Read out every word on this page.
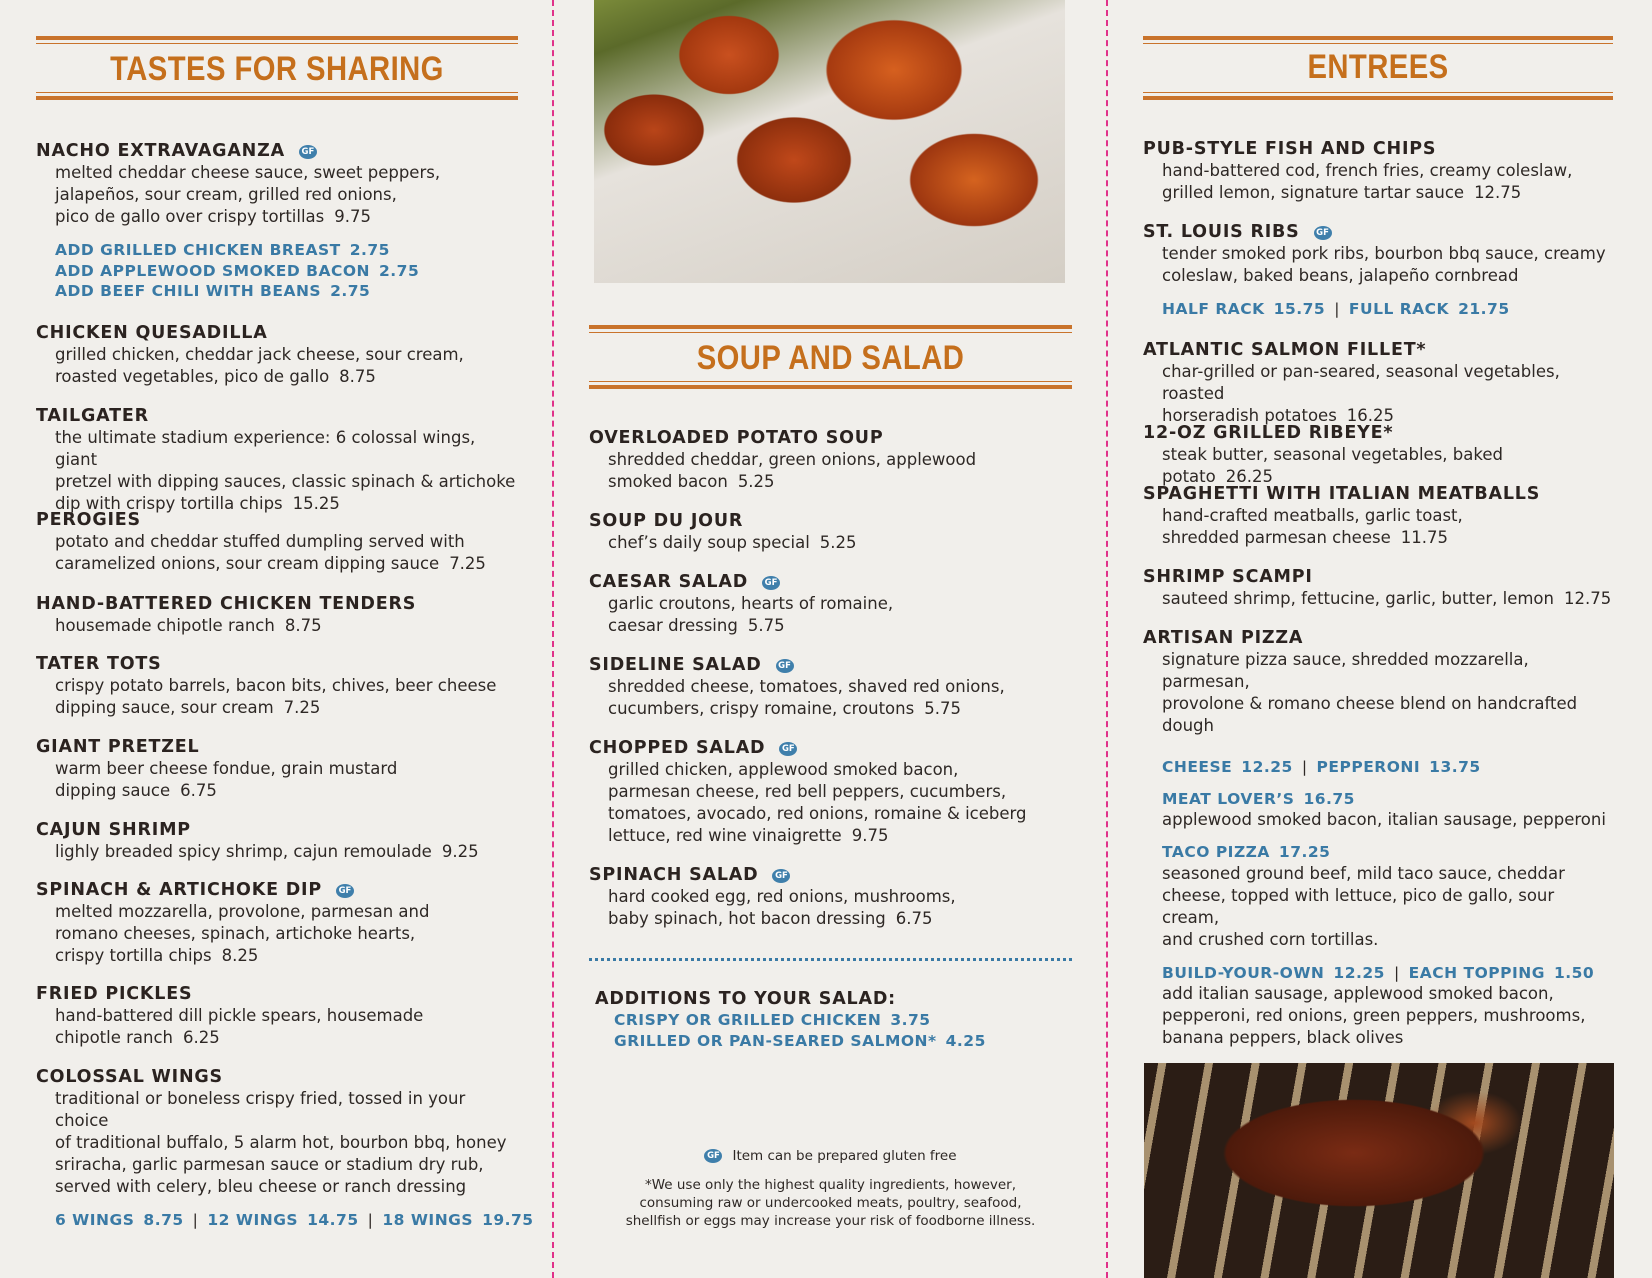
TASTES FOR SHARING
NACHO EXTRAVAGANZA GF
melted cheddar cheese sauce, sweet peppers,
jalapeños, sour cream, grilled red onions,
pico de gallo over crispy tortillas 9.75
ADD GRILLED CHICKEN BREAST 2.75
ADD APPLEWOOD SMOKED BACON 2.75
ADD BEEF CHILI WITH BEANS 2.75
CHICKEN QUESADILLA
grilled chicken, cheddar jack cheese, sour cream,
roasted vegetables, pico de gallo 8.75
TAILGATER
the ultimate stadium experience: 6 colossal wings, giant
pretzel with dipping sauces, classic spinach & artichoke
dip with crispy tortilla chips 15.25
PEROGIES
potato and cheddar stuffed dumpling served with
caramelized onions, sour cream dipping sauce 7.25
HAND-BATTERED CHICKEN TENDERS
housemade chipotle ranch 8.75
TATER TOTS
crispy potato barrels, bacon bits, chives, beer cheese
dipping sauce, sour cream 7.25
GIANT PRETZEL
warm beer cheese fondue, grain mustard
dipping sauce 6.75
CAJUN SHRIMP
lighly breaded spicy shrimp, cajun remoulade 9.25
SPINACH & ARTICHOKE DIP GF
melted mozzarella, provolone, parmesan and
romano cheeses, spinach, artichoke hearts,
crispy tortilla chips 8.25
FRIED PICKLES
hand-battered dill pickle spears, housemade
chipotle ranch 6.25
COLOSSAL WINGS
traditional or boneless crispy fried, tossed in your choice
of traditional buffalo, 5 alarm hot, bourbon bbq, honey
sriracha, garlic parmesan sauce or stadium dry rub,
served with celery, bleu cheese or ranch dressing
6 WINGS 8.75 | 12 WINGS 14.75 | 18 WINGS 19.75
SOUP AND SALAD
OVERLOADED POTATO SOUP
shredded cheddar, green onions, applewood
smoked bacon 5.25
SOUP DU JOUR
chef’s daily soup special 5.25
CAESAR SALAD GF
garlic croutons, hearts of romaine,
caesar dressing 5.75
SIDELINE SALAD GF
shredded cheese, tomatoes, shaved red onions,
cucumbers, crispy romaine, croutons 5.75
CHOPPED SALAD GF
grilled chicken, applewood smoked bacon,
parmesan cheese, red bell peppers, cucumbers,
tomatoes, avocado, red onions, romaine & iceberg
lettuce, red wine vinaigrette 9.75
SPINACH SALAD GF
hard cooked egg, red onions, mushrooms,
baby spinach, hot bacon dressing 6.75
ADDITIONS TO YOUR SALAD:
CRISPY OR GRILLED CHICKEN 3.75
GRILLED OR PAN-SEARED SALMON* 4.25
GF Item can be prepared gluten free
*We use only the highest quality ingredients, however,
consuming raw or undercooked meats, poultry, seafood,
shellfish or eggs may increase your risk of foodborne illness.
ENTREES
PUB-STYLE FISH AND CHIPS
hand-battered cod, french fries, creamy coleslaw,
grilled lemon, signature tartar sauce 12.75
ST. LOUIS RIBS GF
tender smoked pork ribs, bourbon bbq sauce, creamy
coleslaw, baked beans, jalapeño cornbread
HALF RACK 15.75 | FULL RACK 21.75
ATLANTIC SALMON FILLET*
char-grilled or pan-seared, seasonal vegetables, roasted
horseradish potatoes 16.25
12-OZ GRILLED RIBEYE*
steak butter, seasonal vegetables, baked potato 26.25
SPAGHETTI WITH ITALIAN MEATBALLS
hand-crafted meatballs, garlic toast,
shredded parmesan cheese 11.75
SHRIMP SCAMPI
sauteed shrimp, fettucine, garlic, butter, lemon 12.75
ARTISAN PIZZA
signature pizza sauce, shredded mozzarella, parmesan,
provolone & romano cheese blend on handcrafted
dough
CHEESE 12.25 | PEPPERONI 13.75
MEAT LOVER’S 16.75
applewood smoked bacon, italian sausage, pepperoni
TACO PIZZA 17.25
seasoned ground beef, mild taco sauce, cheddar
cheese, topped with lettuce, pico de gallo, sour cream,
and crushed corn tortillas.
BUILD-YOUR-OWN 12.25 | EACH TOPPING 1.50
add italian sausage, applewood smoked bacon,
pepperoni, red onions, green peppers, mushrooms,
banana peppers, black olives
